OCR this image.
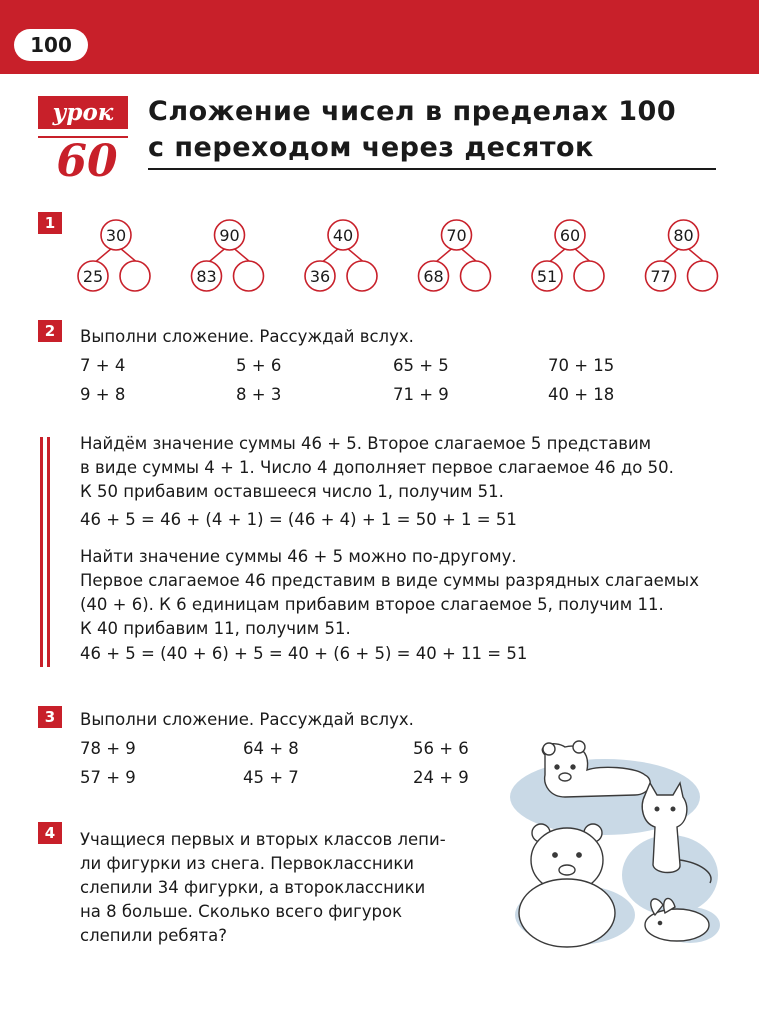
100
урок
60
Сложение чисел в пределах 100
с переходом через десяток
1
30
25
90
83
40
36
70
68
60
51
80
77
2	Выполни сложение. Рассуждай вслух.
7 + 4	5 + 6	65 + 5	70 + 15
9 + 8	8 + 3	71 + 9	40 + 18
Найдём значение суммы 46 + 5. Второе слагаемое 5 представим
в виде суммы 4 + 1. Число 4 дополняет первое слагаемое 46 до 50.
К 50 прибавим оставшееся число 1, получим 51.
46 + 5 = 46 + (4 + 1) = (46 + 4) + 1 = 50 + 1 = 51
Найти значение суммы 46 + 5 можно по-другому.
Первое слагаемое 46 представим в виде суммы разрядных слагаемых
(40 + 6). К 6 единицам прибавим второе слагаемое 5, получим 11.
К 40 прибавим 11, получим 51.
46 + 5 = (40 + 6) + 5 = 40 + (6 + 5) = 40 + 11 = 51
3	Выполни сложение. Рассуждай вслух.
78 + 9	64 + 8	56 + 6
57 + 9	45 + 7	24 + 9
4	Учащиеся первых и вторых классов лепи-
ли фигурки из снега. Первоклассники
слепили 34 фигурки, а второклассники
на 8 больше. Сколько всего фигурок
слепили ребята?
